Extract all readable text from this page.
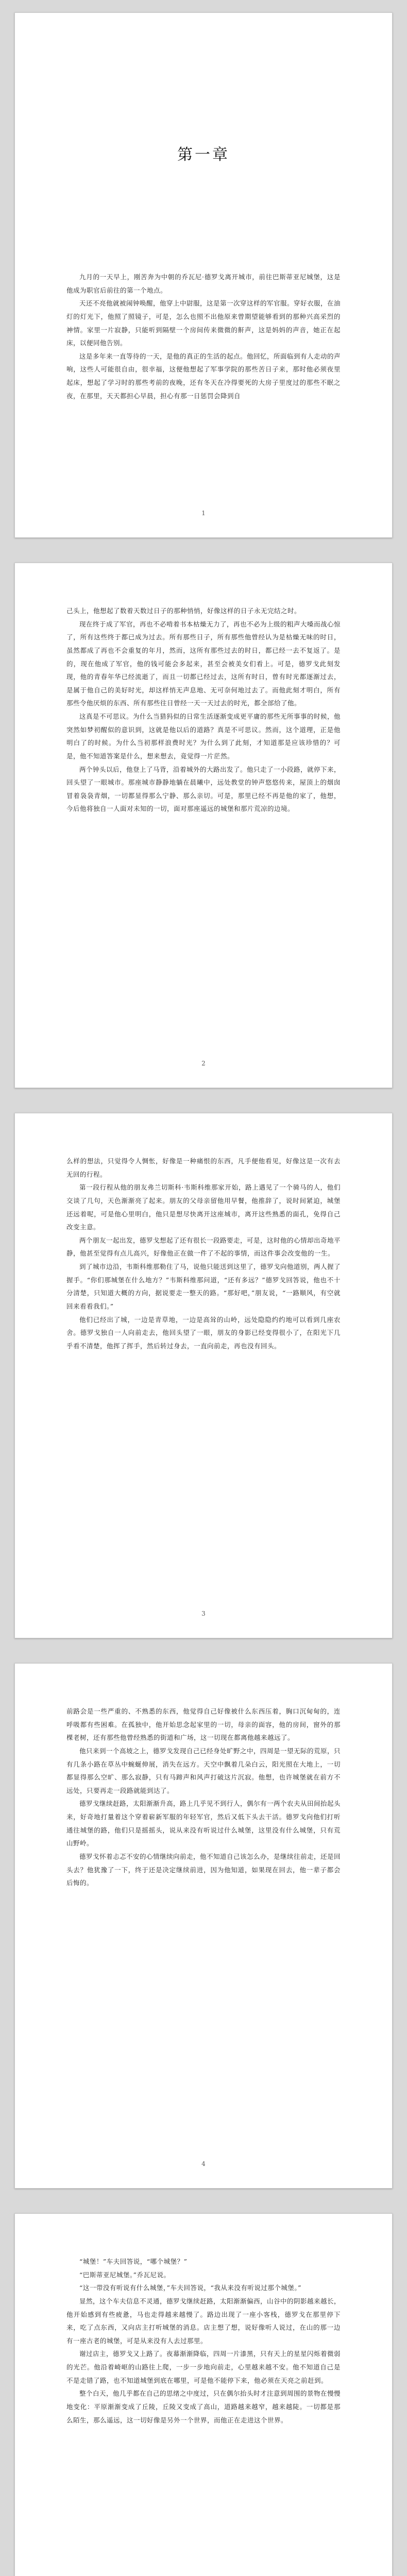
第一章

九月的一天早上，刚苦奔为中朝的乔瓦尼·德罗戈离开城市，前往巴斯蒂亚尼城堡，这是他成为职官后前往的第一个地点。

天还不亮他就被闹钟唤醒，他穿上中尉服，这是第一次穿这样的军官服。穿好衣服，在油灯的灯光下，他照了照镜子，可是，怎么也照不出他原来曾期望能够看到的那种兴高采烈的神情。家里一片寂静，只能听到隔壁一个房间传来微微的鼾声，这是妈妈的声音，她正在起床，以便同他告别。

这是多年来一直等待的一天，是他的真正的生活的起点。他回忆，所面临到有人走动的声响，这些人可能很自由，很幸福，这便他想起了军事学院的那些苦日子来，那时他必须夜里起床，想起了学习时的那些考前的夜晚，还有冬天在冷得要死的大房子里度过的那些不眠之夜，在那里，天天都担心早晨，担心有那一日惩罚会降到自

1

己头上，他想起了数着天数过日子的那种悄悄，好像这样的日子永无完结之时。

现在终于成了军官，再也不必啃着书本枯燥无力了，再也不必为上级的粗声大嗓而战心惊了，所有这些终于都已成为过去。所有那些日子，所有那些他曾经认为是枯燥无味的时日，虽然都成了再也不会重复的年月，然而，这所有那些过去的时日，都已经一去不复返了。是的，现在他成了军官，他的钱可能会多起来，甚至会被美女们看上。可是，德罗戈此刻发现，他的青春年华已经流逝了，而且一切都已经过去，这所有时日，曾有时光都逐渐过去，是属于他自己的美好时光，却这样悄无声息地、无可奈何地过去了。而他此刻才明白，所有那些令他厌烦的东西、所有那些往日曾经一天一天过去的时光，都全部给了他。

这真是不可思议。为什么当猎犸似的日常生活逐渐变成更平庸的那些无所事事的时候，他突然如梦初醒似的意识到，这就是他以后的道路？真是不可思议。然而，这个道理，正是他明白了的时候。为什么当初那样浪费时光？为什么到了此刻，才知道那是应该珍惜的？可是，他不知道答案是什么，想来想去，竟觉得一片茫然。

两个钟头以后，他登上了马背，沿着城外的大路出发了。他只走了一小段路，就停下来，回头望了一眼城市。那座城市静静地躺在晨曦中，远处教堂的钟声悠悠传来，屋顶上的烟囱冒着袅袅青烟，一切都显得那么宁静、那么亲切。可是，那里已经不再是他的家了，他想，今后他将独自一人面对未知的一切，面对那座遥远的城堡和那片荒凉的边境。

2

么样的想法，只觉得令人惆怅，好像是一种痛恨的东西，凡手便他看见，好像这是一次有去无回的行程。

第一段行程从他的朋友弗兰切斯科·韦斯科维那家开始，路上遇见了一个骑马的人，他们交谈了几句，天色渐渐亮了起来。朋友的父母亲留他用早餐，他推辞了，说时间紧迫，城堡还远着呢，可是他心里明白，他只是想尽快离开这座城市，离开这些熟悉的面孔，免得自己改变主意。

两个朋友一起出发，德罗戈想起了还有很长一段路要走，可是，这时他的心情却出奇地平静，他甚至觉得有点儿高兴，好像他正在做一件了不起的事情，而这件事会改变他的一生。

到了城市边沿，韦斯科维那勒住了马，说他只能送到这里了，德罗戈向他道别，两人握了握手。“你们那城堡在什么地方？”韦斯科维那问道，“还有多远？”德罗戈回答说，他也不十分清楚，只知道大概的方向，据说要走一整天的路。“那好吧，”朋友说，“一路顺风，有空就回来看看我们。”

他们已经出了城，一边是青草地，一边是高耸的山岭，远处隐隐约约地可以看到几座农舍。德罗戈独自一人向前走去，他回头望了一眼，朋友的身影已经变得很小了，在阳光下几乎看不清楚，他挥了挥手，然后转过身去，一直向前走，再也没有回头。

3

前路会是一些严重的、不熟悉的东西，他觉得自己好像被什么东西压着，胸口沉甸甸的，连呼吸都有些困难。在孤独中，他开始思念起家里的一切，母亲的面容，他的房间，窗外的那棵老树，还有那些他曾经熟悉的街道和广场，这一切现在都离他越来越远了。

他只来到一个高坡之上，德罗戈发现自己已经身处旷野之中，四周是一望无际的荒原，只有几条小路在草丛中蜿蜒伸展，消失在远方。天空中飘着几朵白云，阳光照在大地上，一切都显得那么空旷、那么寂静，只有马蹄声和风声打破这片沉寂。他想，也许城堡就在前方不远处，只要再走一段路就能到达了。

德罗戈继续赶路，太阳渐渐升高，路上几乎见不到行人，偶尔有一两个农夫从田间抬起头来，好奇地打量着这个穿着崭新军服的年轻军官，然后又低下头去干活。德罗戈向他们打听通往城堡的路，他们只是摇摇头，说从来没有听说过什么城堡，这里没有什么城堡，只有荒山野岭。

德罗戈怀着忐忑不安的心情继续向前走，他不知道自己该怎么办，是继续往前走，还是回头去？他犹豫了一下，终于还是决定继续前进，因为他知道，如果现在回去，他一辈子都会后悔的。

4

“城堡！”车夫回答说，“哪个城堡？”

“巴斯蒂亚尼城堡。”乔瓦尼说。

“这一带没有听说有什么城堡，”车夫回答说，“我从来没有听说过那个城堡。”

显然，这个车夫信息不灵通，德罗戈继续赶路，太阳渐渐偏西，山谷中的阴影越来越长，他开始感到有些疲惫，马也走得越来越慢了。路边出现了一座小客栈，德罗戈在那里停下来，吃了点东西，又向店主打听城堡的消息。店主想了想，说好像听人说过，在山的那一边有一座古老的城堡，可是从来没有人去过那里。

谢过店主，德罗戈又上路了。夜幕渐渐降临，四周一片漆黑，只有天上的星星闪烁着微弱的光芒。他沿着崎岖的山路往上爬，一步一步地向前走，心里越来越不安。他不知道自己是不是走错了路，也不知道城堡到底在哪里，可是他不能停下来，他必须在天亮之前赶到。

整个白天，他几乎都在自己的思绪之中度过，只在偶尔抬头时才注意到周围的景物在慢慢地变化：平原渐渐变成了丘陵，丘陵又变成了高山，道路越来越窄，越来越陡。一切都是那么陌生，那么遥远，这一切好像是另外一个世界，而他正在走进这个世界。
